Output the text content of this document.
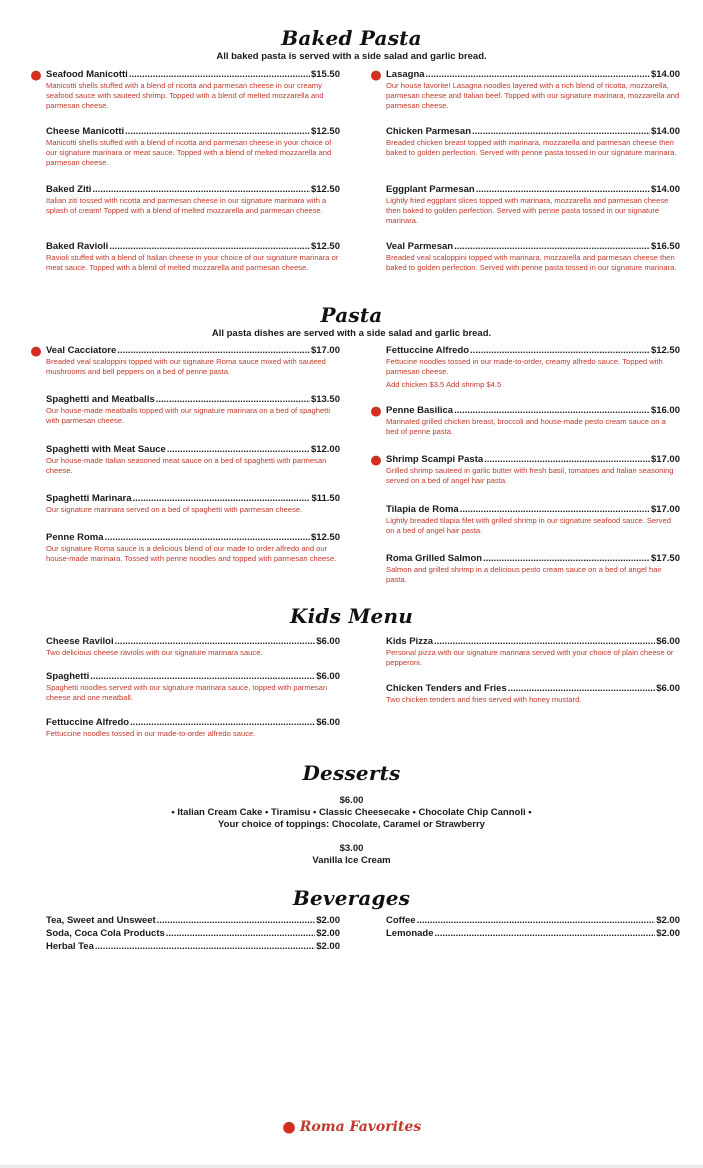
Baked Pasta

All baked pasta is served with a side salad and garlic bread.

Seafood Manicotti .....	$15.50

Manicotti shells stuffed with a blend of ricotta and parmesan cheese in our creamy seafood sauce with sauteed shrimp. Topped with a blend of melted mozzarella and parmesan cheese.

Cheese Manicotti .....	$12.50

Manicotti shells stuffed with a blend of ricotta and parmesan cheese in your choice of our signature marinara or meat sauce. Topped with a blend of melted mozzarella and parmesan cheese.

Baked Ziti .....	$12.50

Italian ziti tossed with ricotta and parmesan cheese in our signature marinara with a splash of cream! Topped with a blend of melted mozzarella and parmesan cheese.

Baked Ravioli .....	$12.50

Ravioli stuffed with a blend of Italian cheese in your choice of our signature marinara or meat sauce. Topped with a blend of melted mozzarella and parmesan cheese.

Lasagna .....	$14.00

Our house favorite! Lasagna noodles layered with a rich blend of ricotta, mozzarella, parmesan cheese and Italian beef. Topped with our signature marinara, mozzarella and parmesan cheese.

Chicken Parmesan .....	$14.00

Breaded chicken breast topped with marinara, mozzarella and parmesan cheese then baked to golden perfection. Served with penne pasta tossed in our signature marinara.

Eggplant Parmesan .....	$14.00

Lightly fried eggplant slices topped with marinara, mozzarella and parmesan cheese then baked to golden perfection. Served with penne pasta tossed in our signature marinara.

Veal Parmesan .....	$16.50

Breaded veal scaloppini topped with marinara, mozzarella and parmesan cheese then baked to golden perfection. Served with penne pasta tossed in our signature marinara.

Pasta

All pasta dishes are served with a side salad and garlic bread.

Veal Cacciatore .....	$17.00

Breaded veal scaloppini topped with our signature Roma sauce mixed with sauteed mushrooms and bell peppers on a bed of penne pasta.

Spaghetti and Meatballs .....	$13.50

Our house-made meatballs topped with our signature marinara on a bed of spaghetti with parmesan cheese.

Spaghetti with Meat Sauce .....	$12.00

Our house-made Italian seasoned meat sauce on a bed of spaghetti with parmesan cheese.

Spaghetti Marinara .....	$11.50

Our signature marinara served on a bed of spaghetti with parmesan cheese.

Penne Roma .....	$12.50

Our signature Roma sauce is a delicious blend of our made to order alfredo and our house-made marinara. Tossed with penne noodles and topped with parmesan cheese.

Fettuccine Alfredo .....	$12.50

Fettucine noodles tossed in our made-to-order, creamy alfredo sauce. Topped with parmesan cheese.

Add chicken $3.5 Add shrimp $4.5

Penne Basilica .....	$16.00

Marinated grilled chicken breast, broccoli and house-made pesto cream sauce on a bed of penne pasta.

Shrimp Scampi Pasta .....	$17.00

Grilled shrimp sauteed in garlic butter with fresh basil, tomatoes and Italian seasoning served on a bed of angel hair pasta.

Tilapia de Roma .....	$17.00

Lightly breaded tilapia filet with grilled shrimp in our signature seafood sauce. Served on a bed of angel hair pasta.

Roma Grilled Salmon .....	$17.50

Salmon and grilled shrimp in a delicious pesto cream sauce on a bed of angel hair pasta.

Kids Menu
Cheese Raviloi .....	$6.00

Two delicious cheese raviolis with our signature marinara sauce.

Spaghetti .....	$6.00

Spaghetti noodles served with our signature marinara sauce, topped with parmesan cheese and one meatball.

Fettuccine Alfredo .....	$6.00

Fettuccine noodles tossed in our made-to-order alfredo sauce.

Kids Pizza .....	$6.00

Personal pizza with our signature marinara served with your choice of plain cheese or pepperoni.

Chicken Tenders and Fries .....	$6.00

Two chicken tenders and fries served with honey mustard.

Desserts
$6.00
• Italian Cream Cake • Tiramisu • Classic Cheesecake • Chocolate Chip Cannoli •
Your choice of toppings: Chocolate, Caramel or Strawberry
$3.00
Vanilla Ice Cream
Beverages
Tea, Sweet and Unsweet .....	$2.00
Soda, Coca Cola Products .....	$2.00
Herbal Tea .....	$2.00
Coffee .....	$2.00
Lemonade .....	$2.00
Roma Favorites
